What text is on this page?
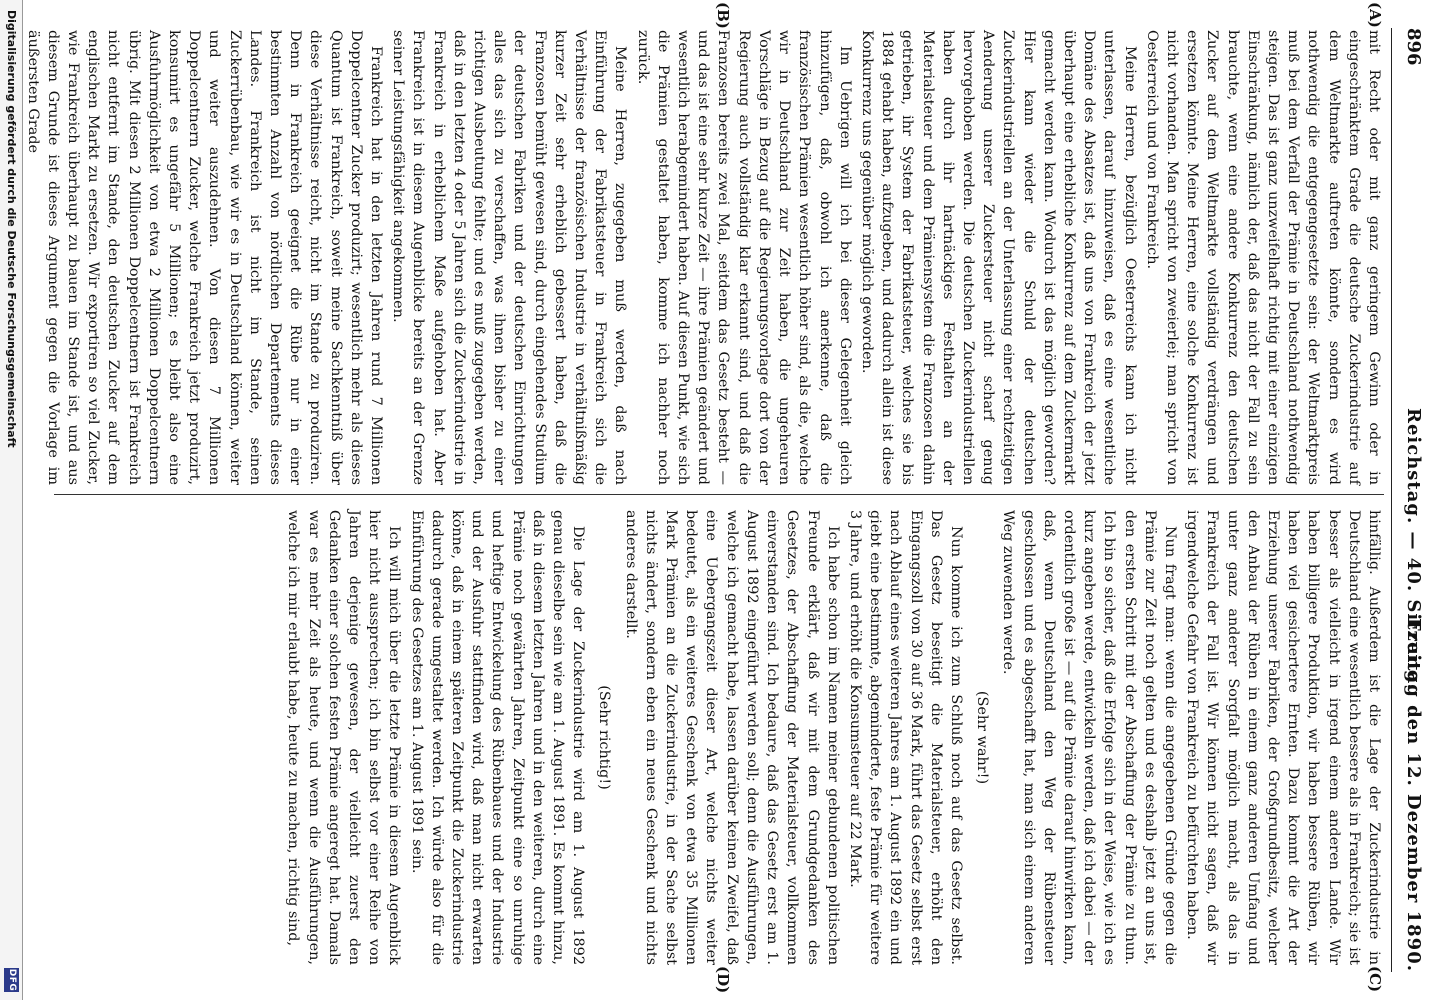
896
Reichstag. — 40. Sitzung.
Freitag den 12. Dezember 1890.
(A)
(B)
(C)
(D)

mit Recht oder mit ganz geringem Gewinn oder in eingeschränktem Grade die deutsche Zuckerindustrie auf dem Weltmarkte auftreten könnte, sondern es wird nothwendig die entgegengesetzte sein: der Weltmarktpreis muß bei dem Verfall der Prämie in Deutschland nothwendig steigen. Das ist ganz unzweifelhaft richtig mit einer einzigen Einschränkung, nämlich der, daß das nicht der Fall zu sein brauchte, wenn eine andere Konkurrenz den deutschen Zucker auf dem Weltmarkte vollständig verdrängen und ersetzen könnte. Meine Herren, eine solche Konkurrenz ist nicht vorhanden. Man spricht von zweierlei; man spricht von Oesterreich und von Frankreich.

Meine Herren, bezüglich Oesterreichs kann ich nicht unterlassen, darauf hinzuweisen, daß es eine wesentliche Domäne des Absatzes ist, daß uns von Frankreich der jetzt überhaupt eine erhebliche Konkurrenz auf dem Zuckermarkt gemacht werden kann. Wodurch ist das möglich geworden? Hier kann wieder die Schuld der deutschen Zuckerindustriellen an der Unterlassung einer rechtzeitigen Aenderung unserer Zuckersteuer nicht scharf genug hervorgehoben werden. Die deutschen Zuckerindustriellen haben durch ihr hartnäckiges Festhalten an der Materialsteuer und dem Prämiensystem die Franzosen dahin getrieben, ihr System der Fabrikatsteuer, welches sie bis 1884 gehabt haben, aufzugeben, und dadurch allein ist diese Konkurrenz uns gegenüber möglich geworden.

Im Uebrigen will ich bei dieser Gelegenheit gleich hinzufügen, daß, obwohl ich anerkenne, daß die französischen Prämien wesentlich höher sind, als die, welche wir in Deutschland zur Zeit haben, die ungeheuren Vorschläge in Bezug auf die Regierungsvorlage dort von der Regierung auch vollständig klar erkannt sind, und daß die Franzosen bereits zwei Mal, seitdem das Gesetz besteht — und das ist eine sehr kurze Zeit — ihre Prämien geändert und wesentlich herabgemindert haben. Auf diesen Punkt, wie sich die Prämien gestaltet haben, komme ich nachher noch zurück.

Meine Herren, zugegeben muß werden, daß nach Einführung der Fabrikatsteuer in Frankreich sich die Verhältnisse der französischen Industrie in verhältnißmäßig kurzer Zeit sehr erheblich gebessert haben, daß die Franzosen bemüht gewesen sind, durch eingehendes Studium der deutschen Fabriken und der deutschen Einrichtungen alles das sich zu verschaffen, was ihnen bisher zu einer richtigen Ausbeutung fehlte; und es muß zugegeben werden, daß in den letzten 4 oder 5 Jahren sich die Zuckerindustrie in Frankreich in erheblichem Maße aufgehoben hat. Aber Frankreich ist in diesem Augenblicke bereits an der Grenze seiner Leistungsfähigkeit angekommen.

Frankreich hat in den letzten Jahren rund 7 Millionen Doppelcentner Zucker produzirt; wesentlich mehr als dieses Quantum ist Frankreich, soweit meine Sachkenntniß über diese Verhältnisse reicht, nicht im Stande zu produziren. Denn in Frankreich geeignet die Rübe nur in einer bestimmten Anzahl von nördlichen Departements dieses Landes. Frankreich ist nicht im Stande, seinen Zuckerrübenbau, wie wir es in Deutschland können, weiter und weiter auszudehnen. Von diesen 7 Millionen Doppelcentnern Zucker, welche Frankreich jetzt produzirt, konsumirt es ungefähr 5 Millionen; es bleibt also eine Ausfuhrmöglichkeit von etwa 2 Millionen Doppelcentnern übrig. Mit diesen 2 Millionen Doppelcentnern ist Frankreich nicht entfernt im Stande, den deutschen Zucker auf dem englischen Markt zu ersetzen. Wir exportiren so viel Zucker, wie Frankreich überhaupt zu bauen im Stande ist, und aus diesem Grunde ist dieses Argument gegen die Vorlage im äußersten Grade

hinfällig. Außerdem ist die Lage der Zuckerindustrie in Deutschland eine wesentlich bessere als in Frankreich; sie ist besser als vielleicht in irgend einem anderen Lande. Wir haben billigere Produktion, wir haben bessere Rüben, wir haben viel gesichertere Ernten. Dazu kommt die Art der Erziehung unserer Fabriken, der Großgrundbesitz, welcher den Anbau der Rüben in einem ganz anderen Umfang und unter ganz anderer Sorgfalt möglich macht, als das in Frankreich der Fall ist. Wir können nicht sagen, daß wir irgendwelche Gefahr von Frankreich zu befürchten haben.

Nun fragt man: wenn die angegebenen Gründe gegen die Prämie zur Zeit noch gelten und es deshalb jetzt an uns ist, den ersten Schritt mit der Abschaffung der Prämie zu thun. Ich bin so sicher, daß die Erfolge sich in der Weise, wie ich es kurz angeben werde, entwickeln werden, daß ich dabei — der ordentlich große ist — auf die Prämie darauf hinwirken kann, daß, wenn Deutschland den Weg der Rübensteuer geschlossen und es abgeschafft hat, man sich einem anderen Weg zuwenden werde.

(Sehr wahr!)

Nun komme ich zum Schluß noch auf das Gesetz selbst. Das Gesetz beseitigt die Materialsteuer, erhöht den Eingangszoll von 30 auf 36 Mark, führt das Gesetz selbst erst nach Ablauf eines weiteren Jahres am 1. August 1892 ein und giebt eine bestimmte, abgeminderte, feste Prämie für weitere 3 Jahre, und erhöht die Konsumsteuer auf 22 Mark.

Ich habe schon im Namen meiner gebundenen politischen Freunde erklärt, daß wir mit dem Grundgedanken des Gesetzes, der Abschaffung der Materialsteuer, vollkommen einverstanden sind. Ich bedaure, daß das Gesetz erst am 1. August 1892 eingeführt werden soll; denn die Ausführungen, welche ich gemacht habe, lassen darüber keinen Zweifel, daß eine Uebergangszeit dieser Art, welche nichts weiter bedeutet, als ein weiteres Geschenk von etwa 35 Millionen Mark Prämien an die Zuckerindustrie, in der Sache selbst nichts ändert, sondern eben ein neues Geschenk und nichts anderes darstellt.

(Sehr richtig!)

Die Lage der Zuckerindustrie wird am 1. August 1892 genau dieselbe sein wie am 1. August 1891. Es kommt hinzu, daß in diesem letzten Jahren und in den weiteren, durch eine Prämie noch gewährten Jahren, Zeitpunkt eine so unruhige und heftige Entwickelung des Rübenbaues und der Industrie und der Ausfuhr stattfinden wird, daß man nicht erwarten könne, daß in einem späteren Zeitpunkt die Zuckerindustrie dadurch gerade umgestaltet werden. Ich würde also für die Einführung des Gesetzes am 1. August 1891 sein.

Ich will mich über die letzte Prämie in diesem Augenblick hier nicht aussprechen; ich bin selbst vor einer Reihe von Jahren derjenige gewesen, der vielleicht zuerst den Gedanken einer solchen festen Prämie angeregt hat. Damals war es mehr Zeit als heute, und wenn die Ausführungen, welche ich mir erlaubt habe, heute zu machen, richtig sind,

Digitalisierung gefördert durch die Deutsche Forschungsgemeinschaft
DFG
